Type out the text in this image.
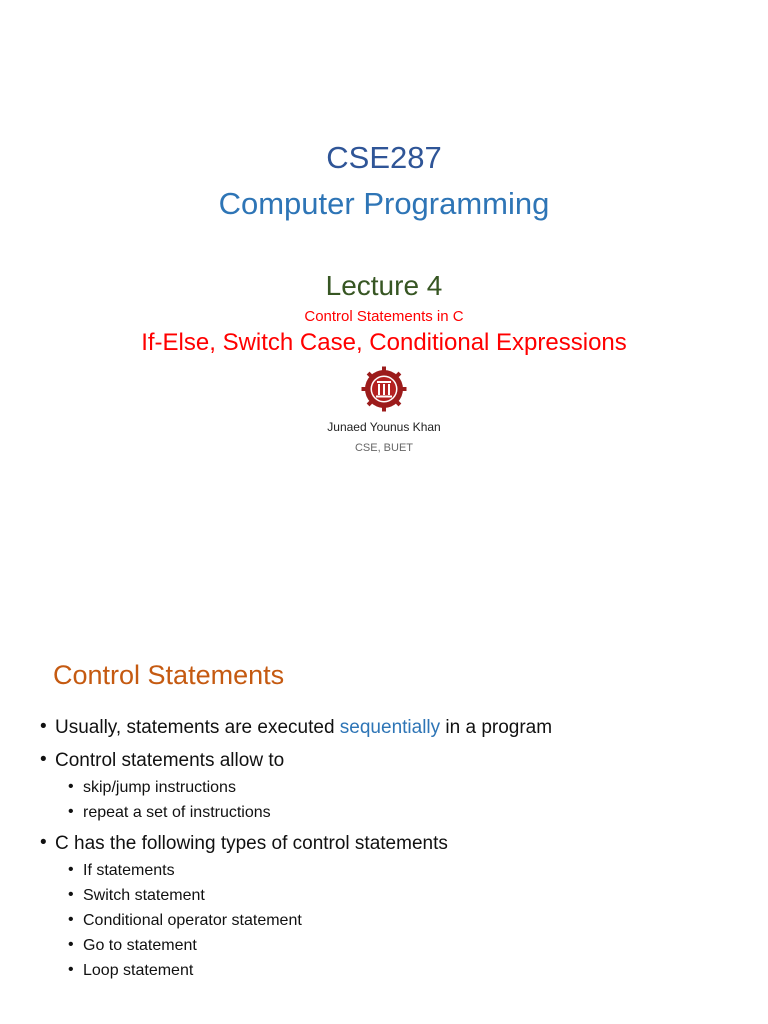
CSE287
Computer Programming
Lecture 4
Control Statements in C
If-Else, Switch Case, Conditional Expressions
Junaed Younus Khan
CSE, BUET
Control Statements
• Usually, statements are executed sequentially in a program
• Control statements allow to
• skip/jump instructions
• repeat a set of instructions
• C has the following types of control statements
• If statements
• Switch statement
• Conditional operator statement
• Go to statement
• Loop statement
